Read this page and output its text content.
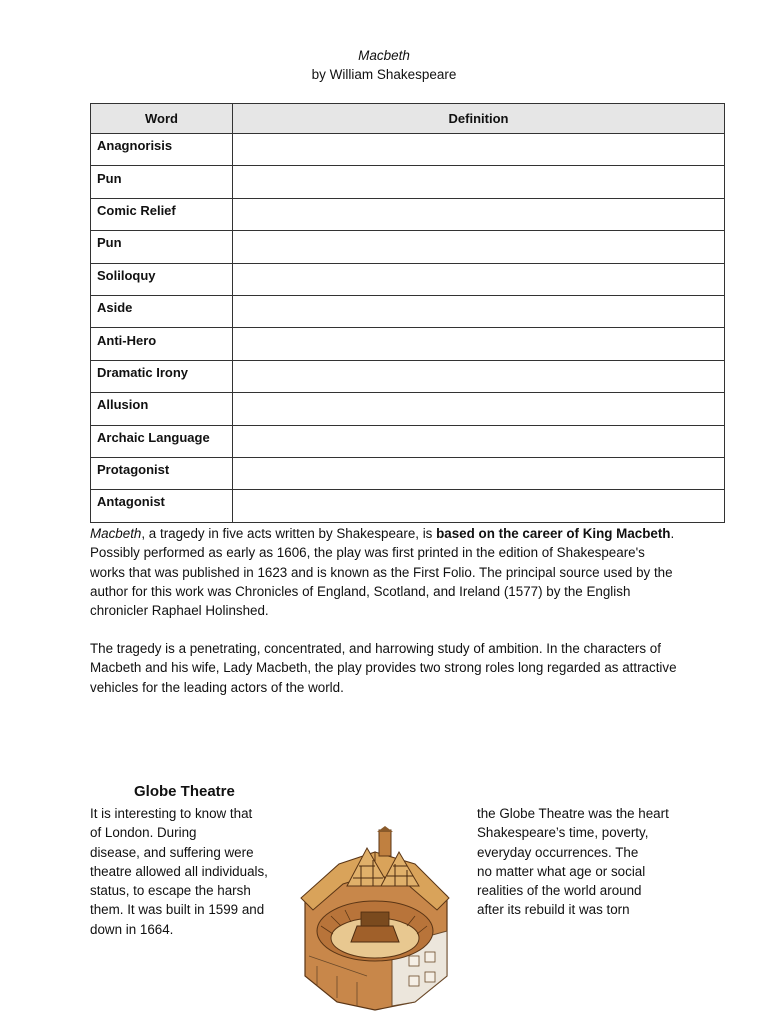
Macbeth
by William Shakespeare
Word	Definition
Anagnorisis	
Pun	
Comic Relief	
Pun	
Soliloquy	
Aside	
Anti-Hero	
Dramatic Irony	
Allusion	
Archaic Language	
Protagonist	
Antagonist	
Macbeth, a tragedy in five acts written by Shakespeare, is based on the career of King Macbeth. Possibly performed as early as 1606, the play was first printed in the edition of Shakespeare's works that was published in 1623 and is known as the First Folio. The principal source used by the author for this work was Chronicles of England, Scotland, and Ireland (1577) by the English chronicler Raphael Holinshed.
The tragedy is a penetrating, concentrated, and harrowing study of ambition. In the characters of Macbeth and his wife, Lady Macbeth, the play provides two strong roles long regarded as attractive vehicles for the leading actors of the world.
Globe Theatre
It is interesting to know that
of London. During
disease, and suffering were
theatre allowed all individuals,
status, to escape the harsh
them. It was built in 1599 and
down in 1664.
the Globe Theatre was the heart
Shakespeare’s time, poverty,
everyday occurrences. The
no matter what age or social
realities of the world around
after its rebuild it was torn
